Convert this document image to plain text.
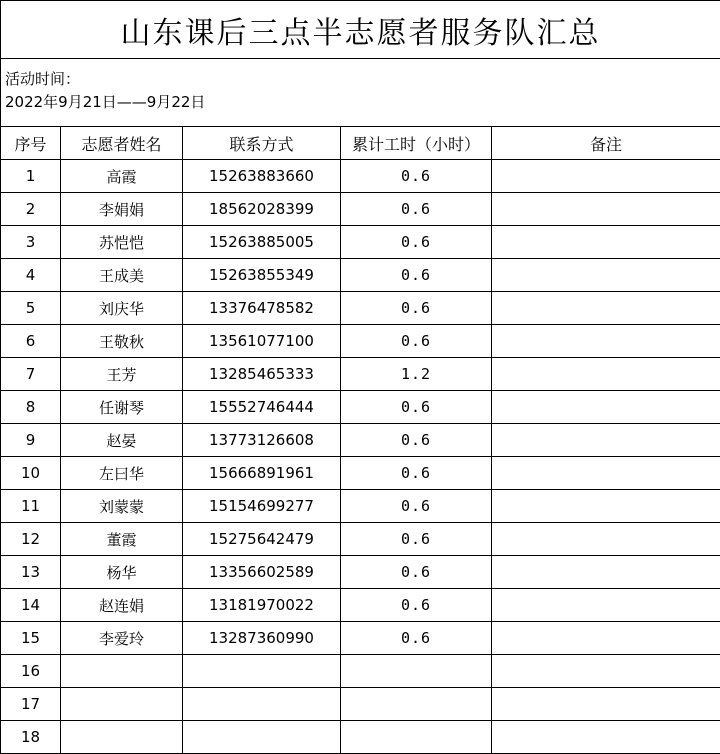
山东课后三点半志愿者服务队汇总				

活动时间：
2022年9月21日——9月22日				

序号	志愿者姓名	联系方式	累计工时（小时）	备注
1	高霞	15263883660	0.6	
2	李娟娟	18562028399	0.6	
3	苏恺恺	15263885005	0.6	
4	王成美	15263855349	0.6	
5	刘庆华	13376478582	0.6	
6	王敬秋	13561077100	0.6	
7	王芳	13285465333	1.2	
8	任谢琴	15552746444	0.6	
9	赵晏	13773126608	0.6	
10	左曰华	15666891961	0.6	
11	刘蒙蒙	15154699277	0.6	
12	董霞	15275642479	0.6	
13	杨华	13356602589	0.6	
14	赵连娟	13181970022	0.6	
15	李爱玲	13287360990	0.6	
16				
17				
18				
